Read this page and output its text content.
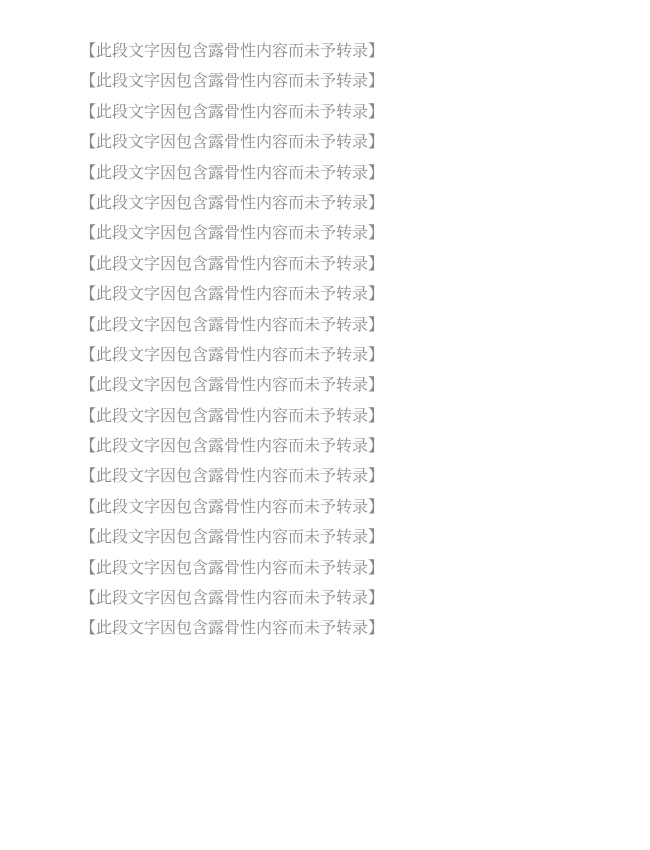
【此段文字因包含露骨性内容而未予转录】

【此段文字因包含露骨性内容而未予转录】

【此段文字因包含露骨性内容而未予转录】

【此段文字因包含露骨性内容而未予转录】

【此段文字因包含露骨性内容而未予转录】

【此段文字因包含露骨性内容而未予转录】

【此段文字因包含露骨性内容而未予转录】

【此段文字因包含露骨性内容而未予转录】

【此段文字因包含露骨性内容而未予转录】

【此段文字因包含露骨性内容而未予转录】

【此段文字因包含露骨性内容而未予转录】

【此段文字因包含露骨性内容而未予转录】

【此段文字因包含露骨性内容而未予转录】

【此段文字因包含露骨性内容而未予转录】

【此段文字因包含露骨性内容而未予转录】

【此段文字因包含露骨性内容而未予转录】

【此段文字因包含露骨性内容而未予转录】

【此段文字因包含露骨性内容而未予转录】

【此段文字因包含露骨性内容而未予转录】

【此段文字因包含露骨性内容而未予转录】
